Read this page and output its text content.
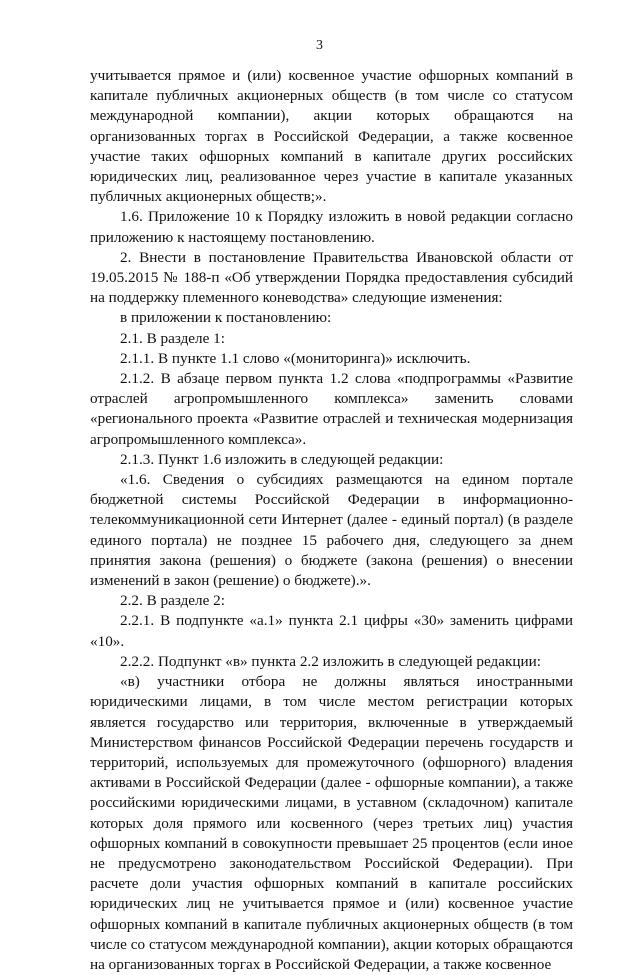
3

учитывается прямое и (или) косвенное участие офшорных компаний в капитале публичных акционерных обществ (в том числе со статусом международной компании), акции которых обращаются на организованных торгах в Российской Федерации, а также косвенное участие таких офшорных компаний в капитале других российских юридических лиц, реализованное через участие в капитале указанных публичных акционерных обществ;».

1.6. Приложение 10 к Порядку изложить в новой редакции согласно приложению к настоящему постановлению.

2. Внести в постановление Правительства Ивановской области от 19.05.2015 № 188-п «Об утверждении Порядка предоставления субсидий на поддержку племенного коневодства» следующие изменения:

в приложении к постановлению:

2.1. В разделе 1:

2.1.1. В пункте 1.1 слово «(мониторинга)» исключить.

2.1.2. В абзаце первом пункта 1.2 слова «подпрограммы «Развитие отраслей агропромышленного комплекса» заменить словами «регионального проекта «Развитие отраслей и техническая модернизация агропромышленного комплекса».

2.1.3. Пункт 1.6 изложить в следующей редакции:

«1.6. Сведения о субсидиях размещаются на едином портале бюджетной системы Российской Федерации в информационно-телекоммуникационной сети Интернет (далее - единый портал) (в разделе единого портала) не позднее 15 рабочего дня, следующего за днем принятия закона (решения) о бюджете (закона (решения) о внесении изменений в закон (решение) о бюджете).».

2.2. В разделе 2:

2.2.1. В подпункте «а.1» пункта 2.1 цифры «30» заменить цифрами «10».

2.2.2. Подпункт «в» пункта 2.2 изложить в следующей редакции:

«в) участники отбора не должны являться иностранными юридическими лицами, в том числе местом регистрации которых является государство или территория, включенные в утверждаемый Министерством финансов Российской Федерации перечень государств и территорий, используемых для промежуточного (офшорного) владения активами в Российской Федерации (далее - офшорные компании), а также российскими юридическими лицами, в уставном (складочном) капитале которых доля прямого или косвенного (через третьих лиц) участия офшорных компаний в совокупности превышает 25 процентов (если иное не предусмотрено законодательством Российской Федерации). При расчете доли участия офшорных компаний в капитале российских юридических лиц не учитывается прямое и (или) косвенное участие офшорных компаний в капитале публичных акционерных обществ (в том числе со статусом международной компании), акции которых обращаются на организованных торгах в Российской Федерации, а также косвенное
